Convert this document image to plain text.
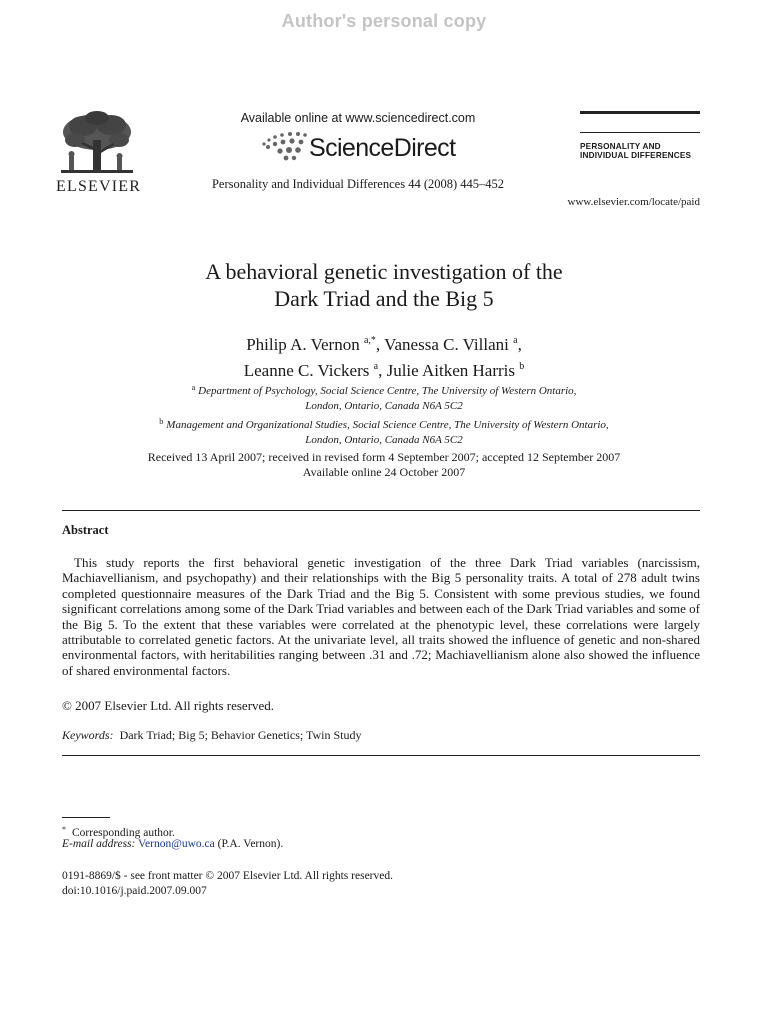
Author's personal copy
ELSEVIER
Available online at www.sciencedirect.com
ScienceDirect
Personality and Individual Differences 44 (2008) 445–452
PERSONALITY AND
INDIVIDUAL DIFFERENCES
www.elsevier.com/locate/paid
A behavioral genetic investigation of the
Dark Triad and the Big 5
Philip A. Vernon $^{a,*}$, Vanessa C. Villani $^a$,
Leanne C. Vickers $^a$, Julie Aitken Harris $^b$
$^a$ Department of Psychology, Social Science Centre, The University of Western Ontario,
London, Ontario, Canada N6A 5C2
$^b$ Management and Organizational Studies, Social Science Centre, The University of Western Ontario,
London, Ontario, Canada N6A 5C2
Received 13 April 2007; received in revised form 4 September 2007; accepted 12 September 2007
Available online 24 October 2007
Abstract
This study reports the first behavioral genetic investigation of the three Dark Triad variables (narcissism, Machiavellianism, and psychopathy) and their relationships with the Big 5 personality traits. A total of 278 adult twins completed questionnaire measures of the Dark Triad and the Big 5. Consistent with some previous studies, we found significant correlations among some of the Dark Triad variables and between each of the Dark Triad variables and some of the Big 5. To the extent that these variables were correlated at the phenotypic level, these correlations were largely attributable to correlated genetic factors. At the univariate level, all traits showed the influence of genetic and non-shared environmental factors, with heritabilities ranging between .31 and .72; Machiavellianism alone also showed the influence of shared environmental factors.
© 2007 Elsevier Ltd. All rights reserved.
Keywords: Dark Triad; Big 5; Behavior Genetics; Twin Study
* Corresponding author.
E-mail address: Vernon@uwo.ca (P.A. Vernon).
0191-8869/$ - see front matter © 2007 Elsevier Ltd. All rights reserved.
doi:10.1016/j.paid.2007.09.007
